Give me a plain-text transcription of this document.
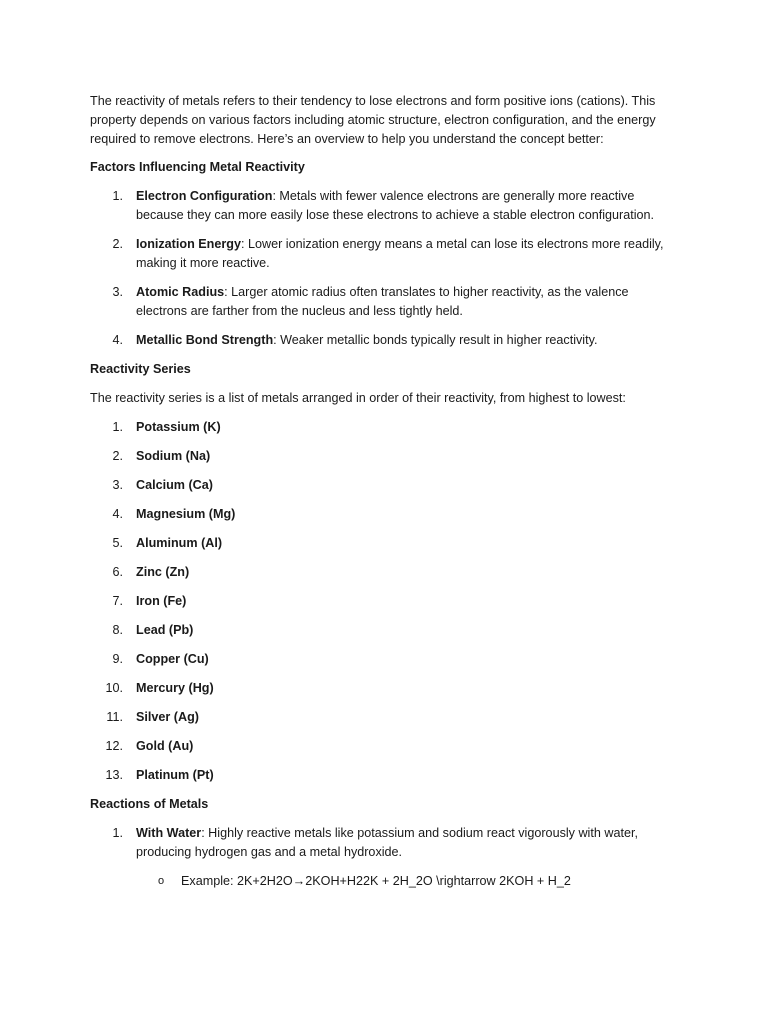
The reactivity of metals refers to their tendency to lose electrons and form positive ions (cations). This property depends on various factors including atomic structure, electron configuration, and the energy required to remove electrons. Here’s an overview to help you understand the concept better:

Factors Influencing Metal Reactivity

1. Electron Configuration: Metals with fewer valence electrons are generally more reactive because they can more easily lose these electrons to achieve a stable electron configuration.
2. Ionization Energy: Lower ionization energy means a metal can lose its electrons more readily, making it more reactive.
3. Atomic Radius: Larger atomic radius often translates to higher reactivity, as the valence electrons are farther from the nucleus and less tightly held.
4. Metallic Bond Strength: Weaker metallic bonds typically result in higher reactivity.

Reactivity Series

The reactivity series is a list of metals arranged in order of their reactivity, from highest to lowest:

1. Potassium (K)
2. Sodium (Na)
3. Calcium (Ca)
4. Magnesium (Mg)
5. Aluminum (Al)
6. Zinc (Zn)
7. Iron (Fe)
8. Lead (Pb)
9. Copper (Cu)
10. Mercury (Hg)
11. Silver (Ag)
12. Gold (Au)
13. Platinum (Pt)

Reactions of Metals

1. With Water: Highly reactive metals like potassium and sodium react vigorously with water, producing hydrogen gas and a metal hydroxide.
o Example: 2K+2H2O→2KOH+H22K + 2H_2O \rightarrow 2KOH + H_2
